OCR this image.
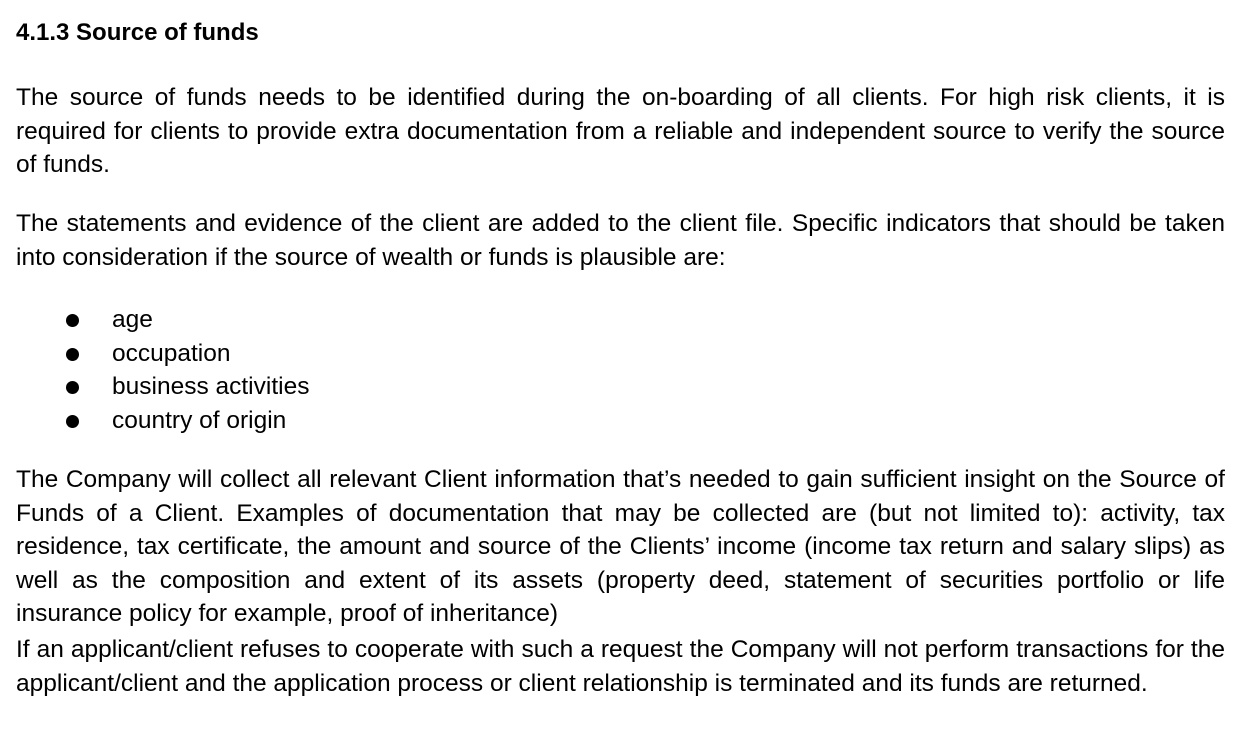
4.1.3 Source of funds

The source of funds needs to be identified during the on-boarding of all clients. For high risk clients, it is required for clients to provide extra documentation from a reliable and independent source to verify the source of funds.

The statements and evidence of the client are added to the client file. Specific indicators that should be taken into consideration if the source of wealth or funds is plausible are:

age
occupation
business activities
country of origin

The Company will collect all relevant Client information that’s needed to gain sufficient insight on the Source of Funds of a Client. Examples of documentation that may be collected are (but not limited to): activity, tax residence, tax certificate, the amount and source of the Clients’ income (income tax return and salary slips) as well as the composition and extent of its assets (property deed, statement of securities portfolio or life insurance policy for example, proof of inheritance)

If an applicant/client refuses to cooperate with such a request the Company will not perform transactions for the applicant/client and the application process or client relationship is terminated and its funds are returned.
